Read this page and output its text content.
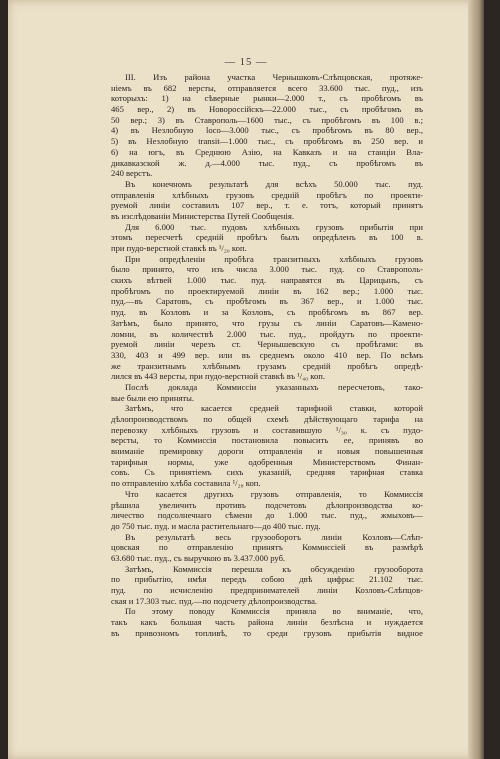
— 15 —
III. Изъ района участка Чернышковъ-Слѣпцовская, протяже-
ніемъ въ 682 версты, отправляется всего 33.600 тыс. пуд., изъ
которыхъ: 1) на сѣверные рынки—2.000 т., съ пробѣгомъ въ
465 вер., 2) въ Новороссійскъ—22.000 тыс., съ пробѣгомъ въ
50 вер.; 3) въ Ставрополь—1600 тыс., съ пробѣгомъ въ 100 в.;
4) въ Незлобную loco—3.000 тыс., съ пробѣгомъ въ 80 вер.,
5) въ Незлобную transit—1.000 тыс., съ пробѣгомъ въ 250 вер. и
6) на югъ, въ Среднюю Азію, на Кавказъ и на станціи Вла-
дикавказской ж. д.—4.000 тыс. пуд., съ пробѣгомъ въ
240 верстъ.
Въ конечномъ результатѣ для всѣхъ 50.000 тыс. пуд.
отправленія хлѣбныхъ грузовъ средній пробѣгъ по проекти-
руемой линіи составилъ 107 вер., т. е. тотъ, который принятъ
въ изслѣдованіи Министерства Путей Сообщенія.
Для 6.000 тыс. пудовъ хлѣбныхъ грузовъ прибытія при
этомъ пересчетѣ средній пробѣгъ былъ опредѣленъ въ 100 в.
при пудо-верстной ставкѣ въ ¹/₂₀ коп.
При опредѣленіи пробѣга транзитныхъ хлѣбныхъ грузовъ
было принято, что изъ числа 3.000 тыс. пуд. со Ставрополь-
скихъ вѣтвей 1.000 тыс. пуд. направятся въ Царицынъ, съ
пробѣгомъ по проектируемой линіи въ 162 вер.; 1.000 тыс.
пуд.—въ Саратовъ, съ пробѣгомъ въ 367 вер., и 1.000 тыс.
пуд. въ Козловъ и за Козловъ, съ пробѣгомъ въ 867 вер.
Затѣмъ, было принято, что грузы съ линіи Саратовъ—Камено-
ломни, въ количествѣ 2.000 тыс. пуд., пройдутъ по проекти-
руемой линіи черезъ ст. Чернышевскую съ пробѣгами: въ
330, 403 и 499 вер. или въ среднемъ около 410 вер. По всѣмъ
же транзитнымъ хлѣбнымъ грузамъ средній пробѣгъ опредѣ-
лился въ 443 версты, при пудо-верстной ставкѣ въ ¹/₄₀ коп.
Послѣ доклада Коммиссіи указанныхъ пересчетовъ, тако-
вые были ею приняты.
Затѣмъ, что касается средней тарифной ставки, которой
дѣлопроизводствомъ по общей схемѣ дѣйствующаго тарифа на
перевозку хлѣбныхъ грузовъ и составившую ¹/₃₀ к. съ пудо-
версты, то Коммиссія постановила повысить ее, принявъ во
вниманіе премировку дороги отправленія и новыя повышенныя
тарифныя нормы, уже одобренныя Министерствомъ Финан-
совъ. Съ принятіемъ сихъ указаній, средняя тарифная ставка
по отправленію хлѣба составила ¹/₂₈ коп.
Что касается другихъ грузовъ отправленія, то Коммиссія
рѣшила увеличить противъ подсчетовъ дѣлопроизводства ко-
личество подсолнечнаго сѣмени до 1.000 тыс. пуд., жмыховъ—
до 750 тыс. пуд. и масла растительнаго—до 400 тыс. пуд.
Въ результатѣ весь грузооборотъ линіи Козловъ—Слѣп-
цовская по отправленію принятъ Коммиссіей въ размѣрѣ
63.680 тыс. пуд., съ выручкою въ 3.437.000 руб.
Затѣмъ, Коммиссія перешла къ обсужденію грузооборота
по прибытію, имѣя передъ собою двѣ цифры: 21.102 тыс.
пуд. по исчисленію предпринимателей линіи Козловъ-Слѣпцов-
ская и 17.303 тыс. пуд.—по подсчету дѣлопроизводства.
По этому поводу Коммиссія приняла во вниманіе, что,
такъ какъ большая часть района линіи безлѣсна и нуждается
въ привозномъ топливѣ, то среди грузовъ прибытія видное
